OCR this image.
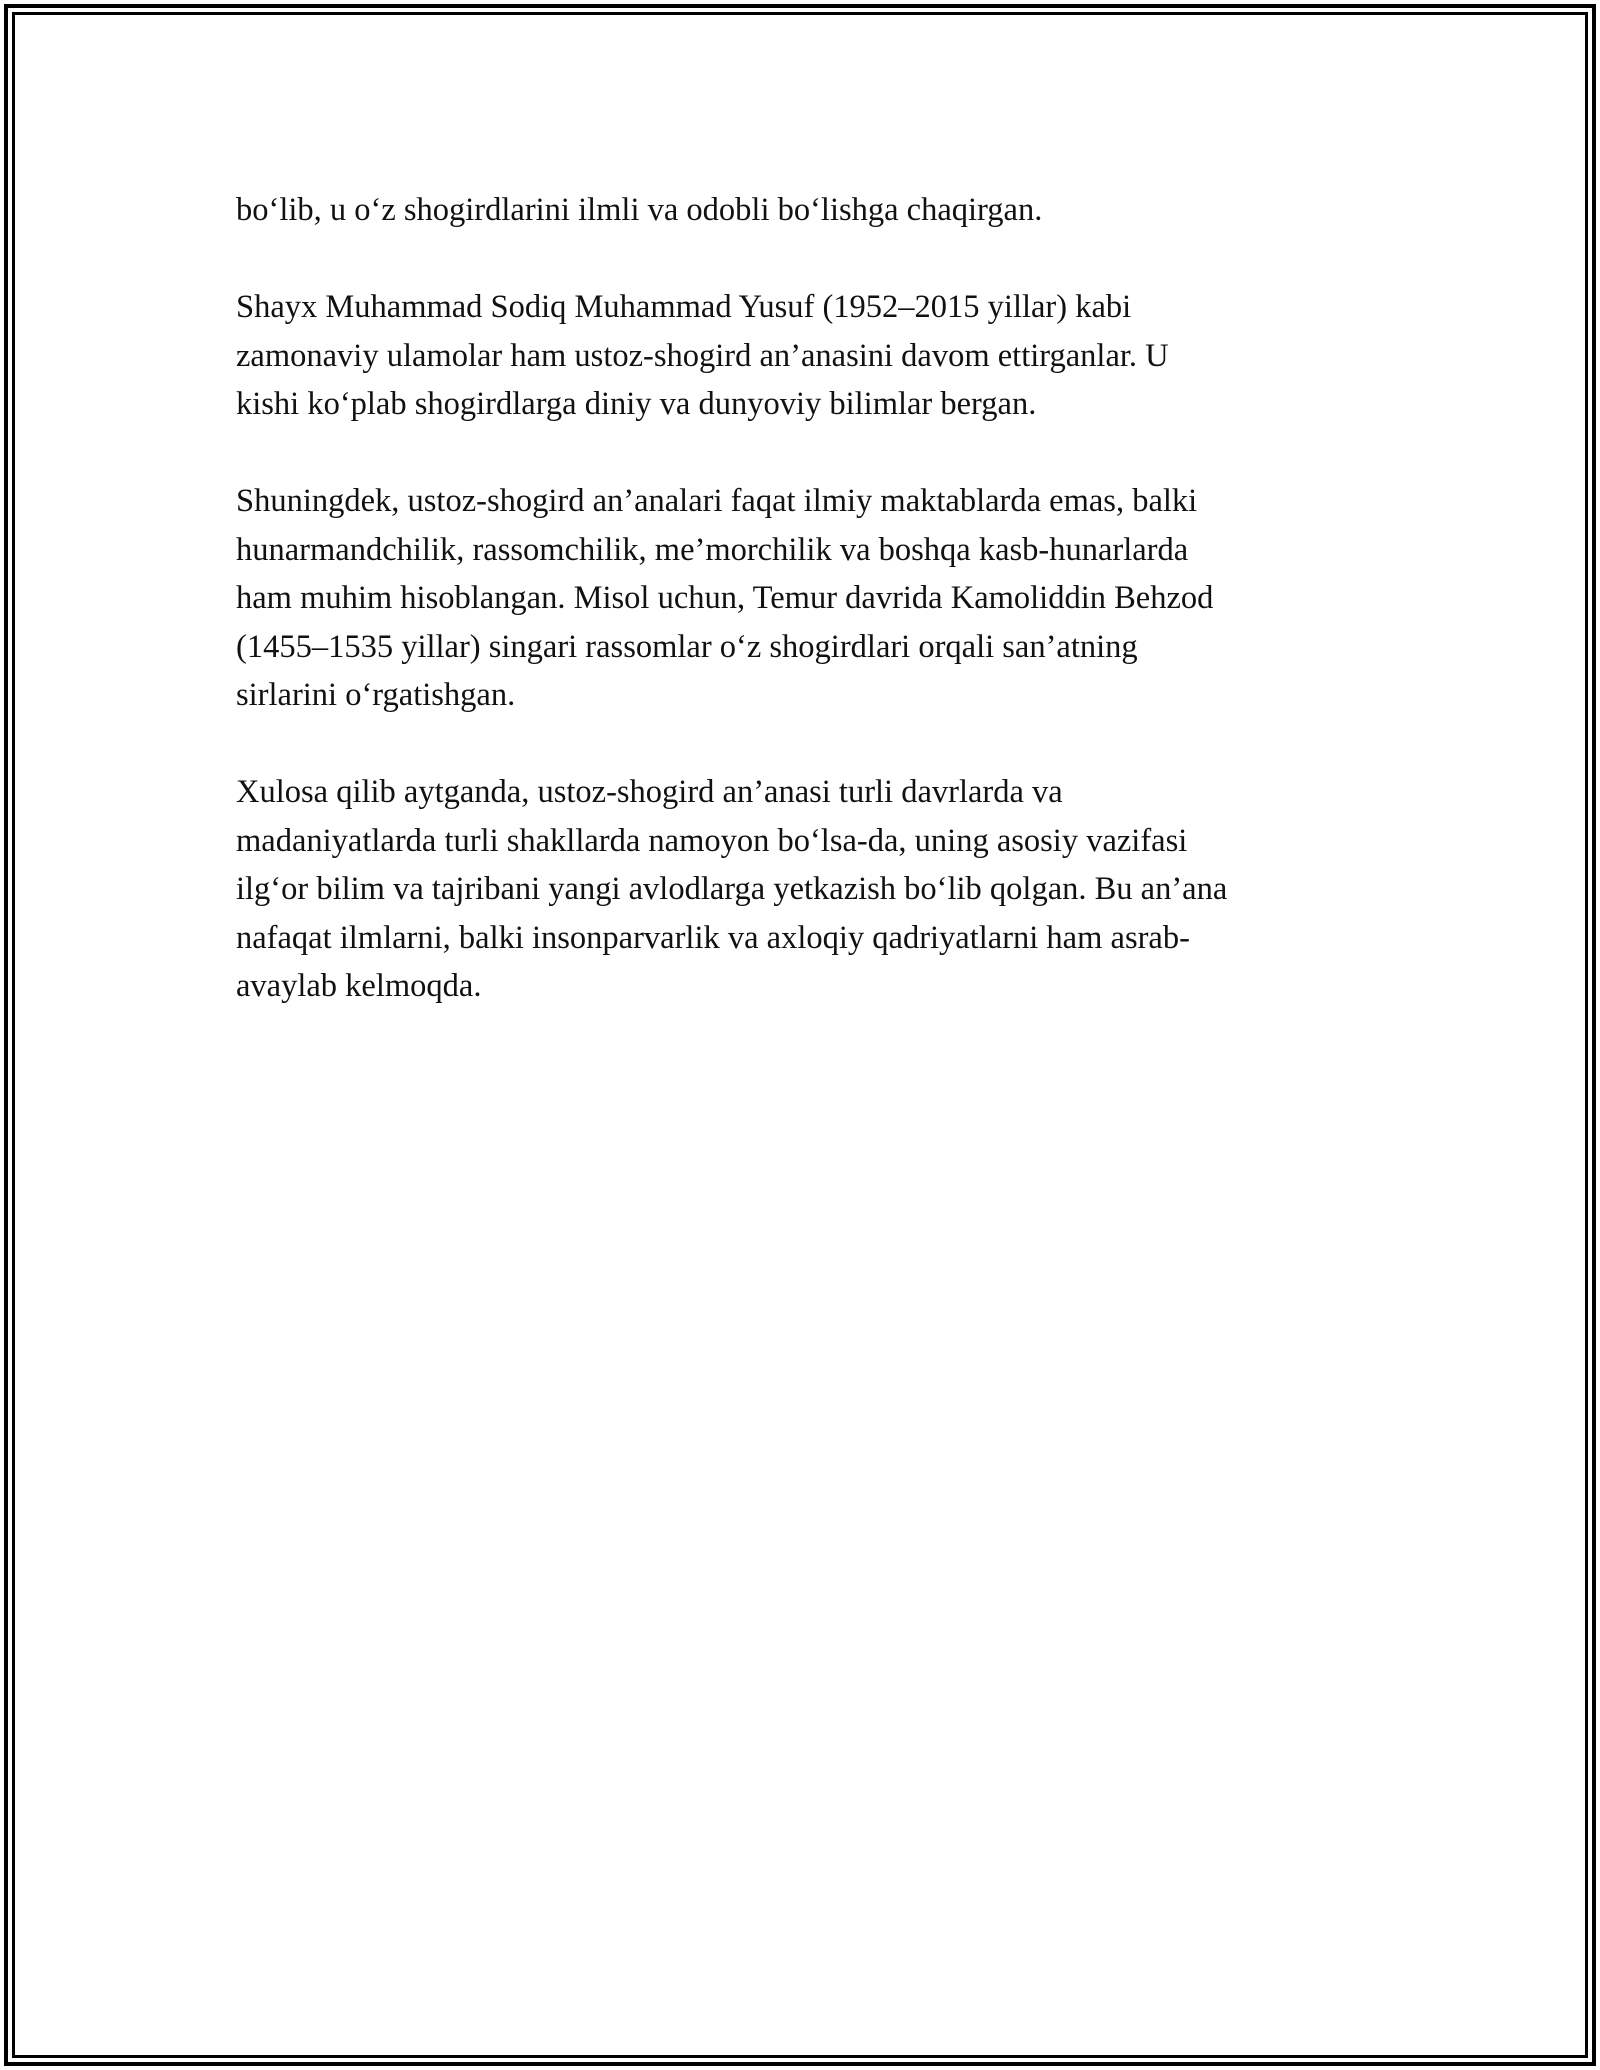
bo‘lib, u o‘z shogirdlarini ilmli va odobli bo‘lishga chaqirgan.

Shayx Muhammad Sodiq Muhammad Yusuf (1952–2015 yillar) kabi
zamonaviy ulamolar ham ustoz-shogird an’anasini davom ettirganlar. U
kishi ko‘plab shogirdlarga diniy va dunyoviy bilimlar bergan.

Shuningdek, ustoz-shogird an’analari faqat ilmiy maktablarda emas, balki
hunarmandchilik, rassomchilik, me’morchilik va boshqa kasb-hunarlarda
ham muhim hisoblangan. Misol uchun, Temur davrida Kamoliddin Behzod
(1455–1535 yillar) singari rassomlar o‘z shogirdlari orqali san’atning
sirlarini o‘rgatishgan.

Xulosa qilib aytganda, ustoz-shogird an’anasi turli davrlarda va
madaniyatlarda turli shakllarda namoyon bo‘lsa-da, uning asosiy vazifasi
ilg‘or bilim va tajribani yangi avlodlarga yetkazish bo‘lib qolgan. Bu an’ana
nafaqat ilmlarni, balki insonparvarlik va axloqiy qadriyatlarni ham asrab-
avaylab kelmoqda.
